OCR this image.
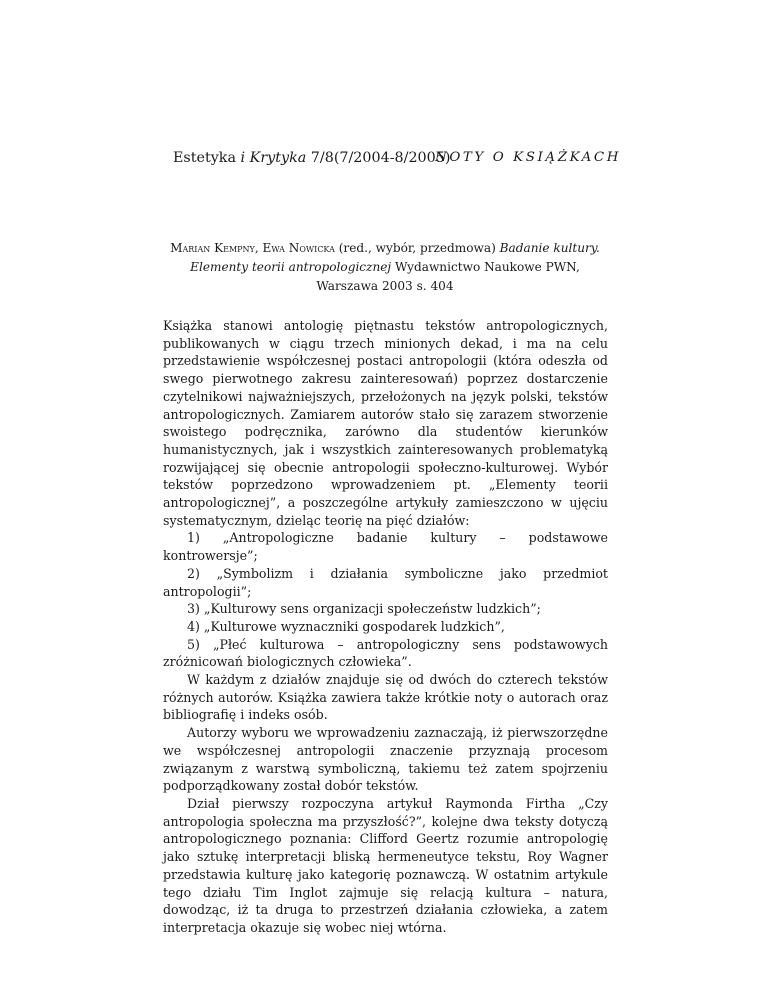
Estetyka i Krytyka 7/8(7/2004-8/2005)
NOTY O KSIĄŻKACH
Marian Kempny, Ewa Nowicka (red., wybór, przedmowa) Badanie kultury.
Elementy teorii antropologicznej Wydawnictwo Naukowe PWN,
Warszawa 2003 s. 404

Książka stanowi antologię piętnastu tekstów antropologicznych, publikowanych w ciągu trzech minionych dekad, i ma na celu przedstawienie współczesnej postaci antropologii (która odeszła od swego pierwotnego zakresu zainteresowań) poprzez dostarczenie czytelnikowi najważniejszych, przełożonych na język polski, tekstów antropologicznych. Zamiarem autorów stało się zarazem stworzenie swoistego podręcznika, zarówno dla studentów kierunków humanistycznych, jak i wszystkich zainteresowanych problematyką rozwijającej się obecnie antropologii społeczno-kulturowej. Wybór tekstów poprzedzono wprowadzeniem pt. „Elementy teorii antropologicznej”, a poszczególne artykuły zamieszczono w ujęciu systematycznym, dzieląc teorię na pięć działów:

1) „Antropologiczne badanie kultury – podstawowe kontrowersje”;

2) „Symbolizm i działania symboliczne jako przedmiot antropologii”;

3) „Kulturowy sens organizacji społeczeństw ludzkich”;

4) „Kulturowe wyznaczniki gospodarek ludzkich”,

5) „Płeć kulturowa – antropologiczny sens podstawowych zróżnicowań biologicznych człowieka”.

W każdym z działów znajduje się od dwóch do czterech tekstów różnych autorów. Książka zawiera także krótkie noty o autorach oraz bibliografię i indeks osób.

Autorzy wyboru we wprowadzeniu zaznaczają, iż pierwszorzędne we współczesnej antropologii znaczenie przyznają procesom związanym z warstwą symboliczną, takiemu też zatem spojrzeniu podporządkowany został dobór tekstów.

Dział pierwszy rozpoczyna artykuł Raymonda Firtha „Czy antropologia społeczna ma przyszłość?”, kolejne dwa teksty dotyczą antropologicznego poznania: Clifford Geertz rozumie antropologię jako sztukę interpretacji bliską hermeneutyce tekstu, Roy Wagner przedstawia kulturę jako kategorię poznawczą. W ostatnim artykule tego działu Tim Inglot zajmuje się relacją kultura – natura, dowodząc, iż ta druga to przestrzeń działania człowieka, a zatem interpretacja okazuje się wobec niej wtórna.
